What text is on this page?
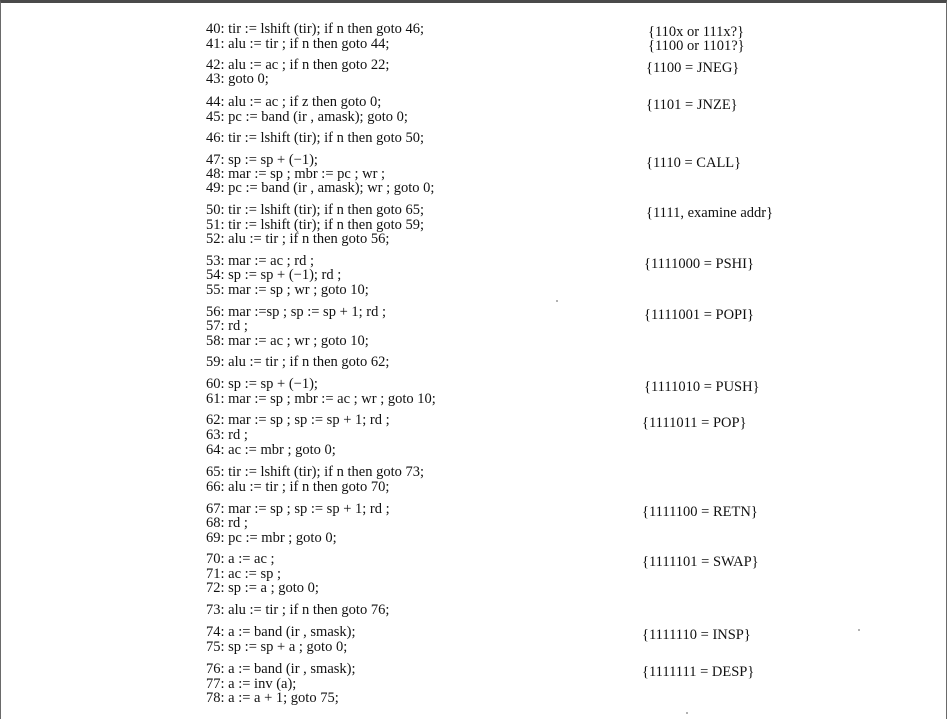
40: tir := lshift (tir); if n then goto 46;
41: alu := tir ; if n then goto 44;
42: alu := ac ; if n then goto 22;
43: goto 0;
44: alu := ac ; if z then goto 0;
45: pc := band (ir , amask); goto 0;
46: tir := lshift (tir); if n then goto 50;
47: sp := sp + (−1);
48: mar := sp ; mbr := pc ; wr ;
49: pc := band (ir , amask); wr ; goto 0;
50: tir := lshift (tir); if n then goto 65;
51: tir := lshift (tir); if n then goto 59;
52: alu := tir ; if n then goto 56;
53: mar := ac ; rd ;
54: sp := sp + (−1); rd ;
55: mar := sp ; wr ; goto 10;
56: mar :=sp ; sp := sp + 1; rd ;
57: rd ;
58: mar := ac ; wr ; goto 10;
59: alu := tir ; if n then goto 62;
60: sp := sp + (−1);
61: mar := sp ; mbr := ac ; wr ; goto 10;
62: mar := sp ; sp := sp + 1; rd ;
63: rd ;
64: ac := mbr ; goto 0;
65: tir := lshift (tir); if n then goto 73;
66: alu := tir ; if n then goto 70;
67: mar := sp ; sp := sp + 1; rd ;
68: rd ;
69: pc := mbr ; goto 0;
70: a := ac ;
71: ac := sp ;
72: sp := a ; goto 0;
73: alu := tir ; if n then goto 76;
74: a := band (ir , smask);
75: sp := sp + a ; goto 0;
76: a := band (ir , smask);
77: a := inv (a);
78: a := a + 1; goto 75;
{110x or 111x?}
{1100 or 1101?}
{1100 = JNEG}
{1101 = JNZE}
{1110 = CALL}
{1111, examine addr}
{1111000 = PSHI}
{1111001 = POPI}
{1111010 = PUSH}
{1111011 = POP}
{1111100 = RETN}
{1111101 = SWAP}
{1111110 = INSP}
{1111111 = DESP}
